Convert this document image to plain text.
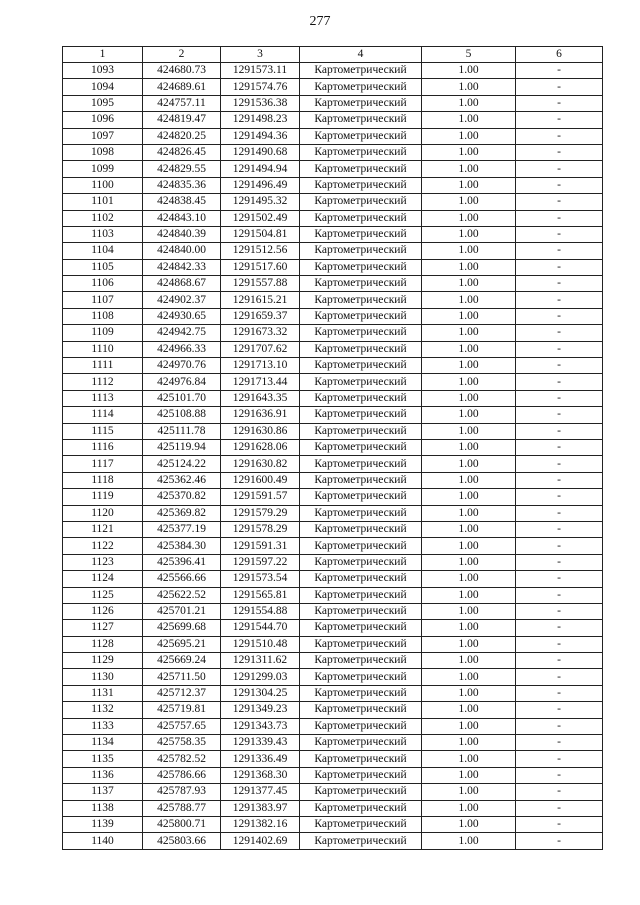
277
1	2	3	4	5	6
1093	424680.73	1291573.11	Картометрический	1.00	-
1094	424689.61	1291574.76	Картометрический	1.00	-
1095	424757.11	1291536.38	Картометрический	1.00	-
1096	424819.47	1291498.23	Картометрический	1.00	-
1097	424820.25	1291494.36	Картометрический	1.00	-
1098	424826.45	1291490.68	Картометрический	1.00	-
1099	424829.55	1291494.94	Картометрический	1.00	-
1100	424835.36	1291496.49	Картометрический	1.00	-
1101	424838.45	1291495.32	Картометрический	1.00	-
1102	424843.10	1291502.49	Картометрический	1.00	-
1103	424840.39	1291504.81	Картометрический	1.00	-
1104	424840.00	1291512.56	Картометрический	1.00	-
1105	424842.33	1291517.60	Картометрический	1.00	-
1106	424868.67	1291557.88	Картометрический	1.00	-
1107	424902.37	1291615.21	Картометрический	1.00	-
1108	424930.65	1291659.37	Картометрический	1.00	-
1109	424942.75	1291673.32	Картометрический	1.00	-
1110	424966.33	1291707.62	Картометрический	1.00	-
1111	424970.76	1291713.10	Картометрический	1.00	-
1112	424976.84	1291713.44	Картометрический	1.00	-
1113	425101.70	1291643.35	Картометрический	1.00	-
1114	425108.88	1291636.91	Картометрический	1.00	-
1115	425111.78	1291630.86	Картометрический	1.00	-
1116	425119.94	1291628.06	Картометрический	1.00	-
1117	425124.22	1291630.82	Картометрический	1.00	-
1118	425362.46	1291600.49	Картометрический	1.00	-
1119	425370.82	1291591.57	Картометрический	1.00	-
1120	425369.82	1291579.29	Картометрический	1.00	-
1121	425377.19	1291578.29	Картометрический	1.00	-
1122	425384.30	1291591.31	Картометрический	1.00	-
1123	425396.41	1291597.22	Картометрический	1.00	-
1124	425566.66	1291573.54	Картометрический	1.00	-
1125	425622.52	1291565.81	Картометрический	1.00	-
1126	425701.21	1291554.88	Картометрический	1.00	-
1127	425699.68	1291544.70	Картометрический	1.00	-
1128	425695.21	1291510.48	Картометрический	1.00	-
1129	425669.24	1291311.62	Картометрический	1.00	-
1130	425711.50	1291299.03	Картометрический	1.00	-
1131	425712.37	1291304.25	Картометрический	1.00	-
1132	425719.81	1291349.23	Картометрический	1.00	-
1133	425757.65	1291343.73	Картометрический	1.00	-
1134	425758.35	1291339.43	Картометрический	1.00	-
1135	425782.52	1291336.49	Картометрический	1.00	-
1136	425786.66	1291368.30	Картометрический	1.00	-
1137	425787.93	1291377.45	Картометрический	1.00	-
1138	425788.77	1291383.97	Картометрический	1.00	-
1139	425800.71	1291382.16	Картометрический	1.00	-
1140	425803.66	1291402.69	Картометрический	1.00	-
